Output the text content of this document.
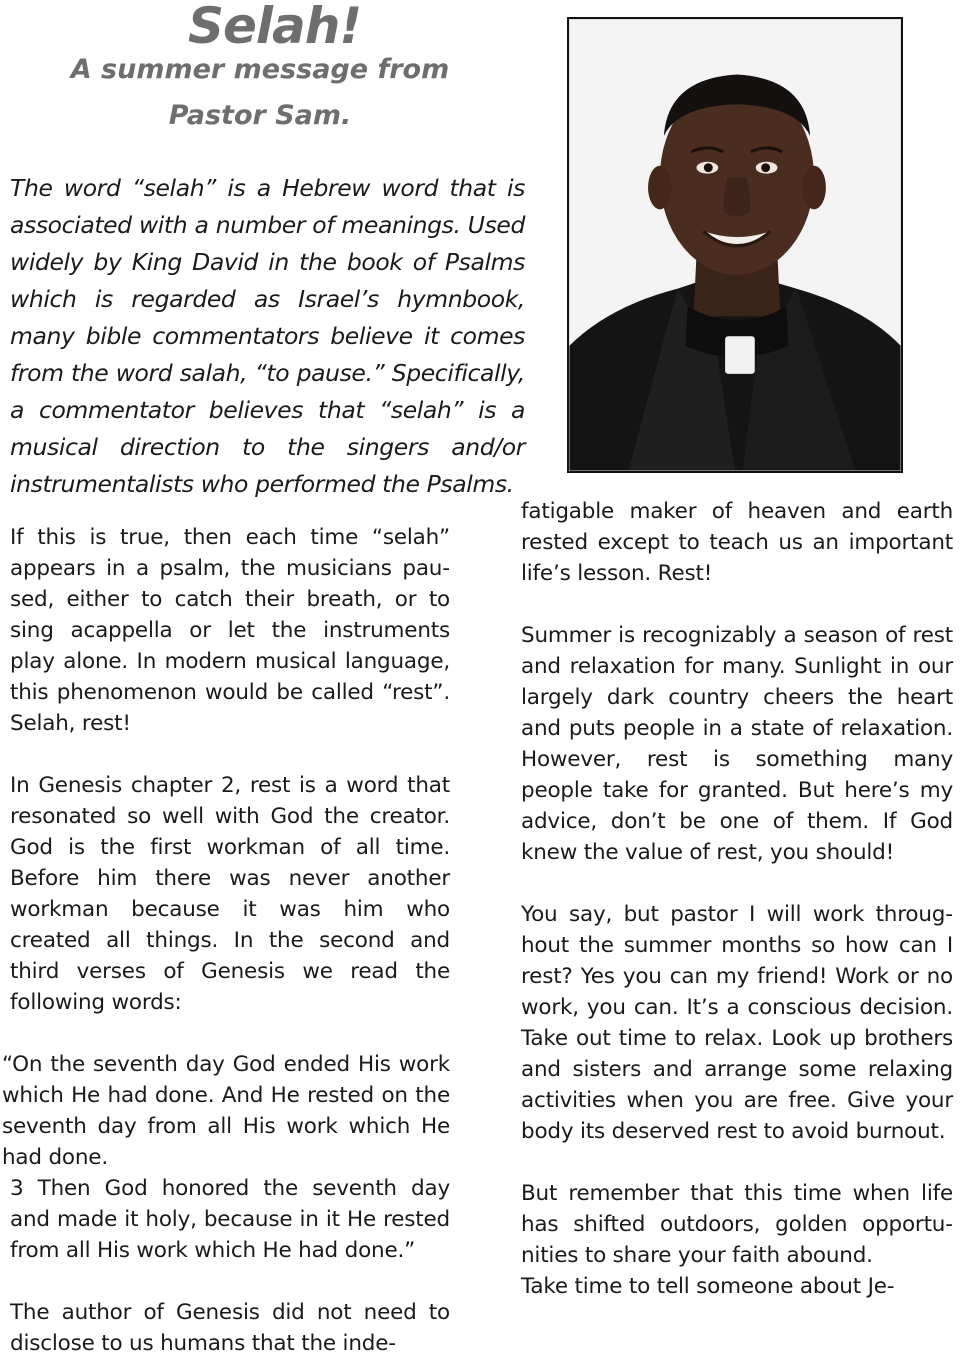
Selah!
A summer message from
Pastor Sam.

The word “selah” is a Hebrew word that is associated with a number of meanings. Used widely by King David in the book of Psalms which is regarded as Israel’s hymnbook, many bible commentators believe it comes from the word salah, “to pause.” Specifically, a commentator believes that “selah” is a musical direction to the singers and/or instrumentalists who performed the Psalms.

If this is true, then each time “selah” appears in a psalm, the musicians paused, either to catch their breath, or to sing acappella or let the instruments play alone. In modern musical language, this phenomenon would be called “rest”. Selah, rest!

In Genesis chapter 2, rest is a word that resonated so well with God the creator. God is the first workman of all time. Before him there was never another workman because it was him who created all things. In the second and third verses of Genesis we read the following words:

“On the seventh day God ended His work which He had done. And He rested on the seventh day from all His work which He had done.

3 Then God honored the seventh day and made it holy, because in it He rested from all His work which He had done.”

The author of Genesis did not need to disclose to us humans that the inde-

fatigable maker of heaven and earth rested except to teach us an important life’s lesson. Rest!

Summer is recognizably a season of rest and relaxation for many. Sunlight in our largely dark country cheers the heart and puts people in a state of relaxation. However, rest is something many people take for granted. But here’s my advice, don’t be one of them. If God knew the value of rest, you should!

You say, but pastor I will work throughout the summer months so how can I rest? Yes you can my friend! Work or no work, you can. It’s a conscious decision. Take out time to relax. Look up brothers and sisters and arrange some relaxing activities when you are free. Give your body its deserved rest to avoid burnout.

But remember that this time when life has shifted outdoors, golden opportunities to share your faith abound.

Take time to tell someone about Je-
